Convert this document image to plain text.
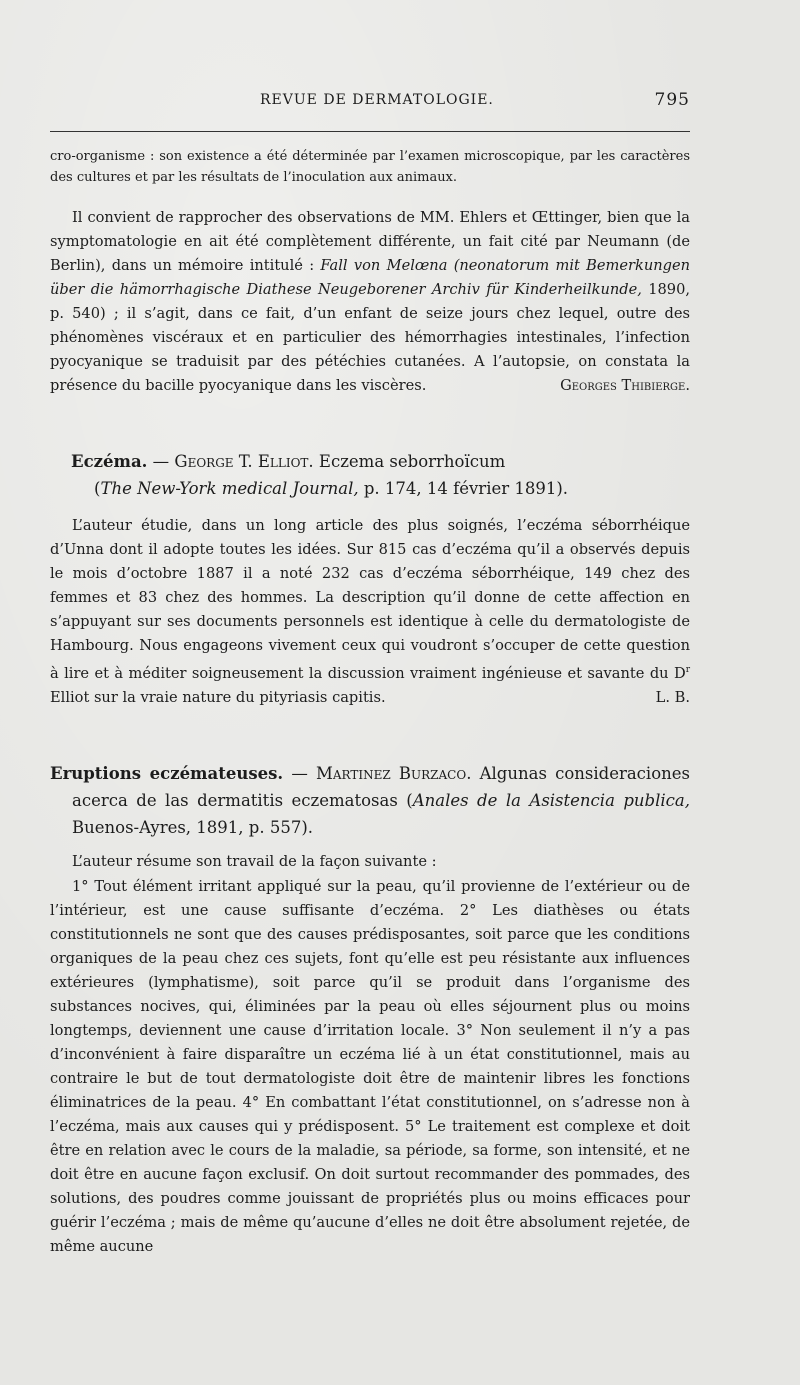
REVUE DE DERMATOLOGIE.	795
cro-organisme : son existence a été déterminée par l’examen microscopique, par les caractères des cultures et par les résultats de l’inoculation aux animaux.
Il convient de rapprocher des observations de MM. Ehlers et Œttinger, bien que la symptomatologie en ait été complètement différente, un fait cité par Neumann (de Berlin), dans un mémoire intitulé : Fall von Melœna (neonatorum mit Bemerkungen über die hämorrhagische Diathese Neugeborener Archiv für Kinderheilkunde, 1890, p. 540) ; il s’agit, dans ce fait, d’un enfant de seize jours chez lequel, outre des phénomènes viscéraux et en particulier des hémorrhagies intestinales, l’infection pyocyanique se traduisit par des pétéchies cutanées. A l’autopsie, on constata la présence du bacille pyocyanique dans les viscères.	Georges Thibierge.
Eczéma. — George T. Elliot. Eczema seborrhoïcum
(The New-York medical Journal, p. 174, 14 février 1891).
L’auteur étudie, dans un long article des plus soignés, l’eczéma séborrhéique d’Unna dont il adopte toutes les idées. Sur 815 cas d’eczéma qu’il a observés depuis le mois d’octobre 1887 il a noté 232 cas d’eczéma séborrhéique, 149 chez des femmes et 83 chez des hommes. La description qu’il donne de cette affection en s’appuyant sur ses documents personnels est identique à celle du dermatologiste de Hambourg. Nous engageons vivement ceux qui voudront s’occuper de cette question à lire et à méditer soigneusement la discussion vraiment ingénieuse et savante du $D^r$ Elliot sur la vraie nature du pityriasis capitis.	L. B.
Eruptions eczémateuses. — Martinez Burzaco. Algunas consideraciones acerca de las dermatitis eczematosas (Anales de la Asistencia publica, Buenos-Ayres, 1891, p. 557).
L’auteur résume son travail de la façon suivante :
1° Tout élément irritant appliqué sur la peau, qu’il provienne de l’extérieur ou de l’intérieur, est une cause suffisante d’eczéma. 2° Les diathèses ou états constitutionnels ne sont que des causes prédisposantes, soit parce que les conditions organiques de la peau chez ces sujets, font qu’elle est peu résistante aux influences extérieures (lymphatisme), soit parce qu’il se produit dans l’organisme des substances nocives, qui, éliminées par la peau où elles séjournent plus ou moins longtemps, deviennent une cause d’irritation locale. 3° Non seulement il n’y a pas d’inconvénient à faire disparaître un eczéma lié à un état constitutionnel, mais au contraire le but de tout dermatologiste doit être de maintenir libres les fonctions éliminatrices de la peau. 4° En combattant l’état constitutionnel, on s’adresse non à l’eczéma, mais aux causes qui y prédisposent. 5° Le traitement est complexe et doit être en relation avec le cours de la maladie, sa période, sa forme, son intensité, et ne doit être en aucune façon exclusif. On doit surtout recommander des pommades, des solutions, des poudres comme jouissant de propriétés plus ou moins efficaces pour guérir l’eczéma ; mais de même qu’aucune d’elles ne doit être absolument rejetée, de même aucune
